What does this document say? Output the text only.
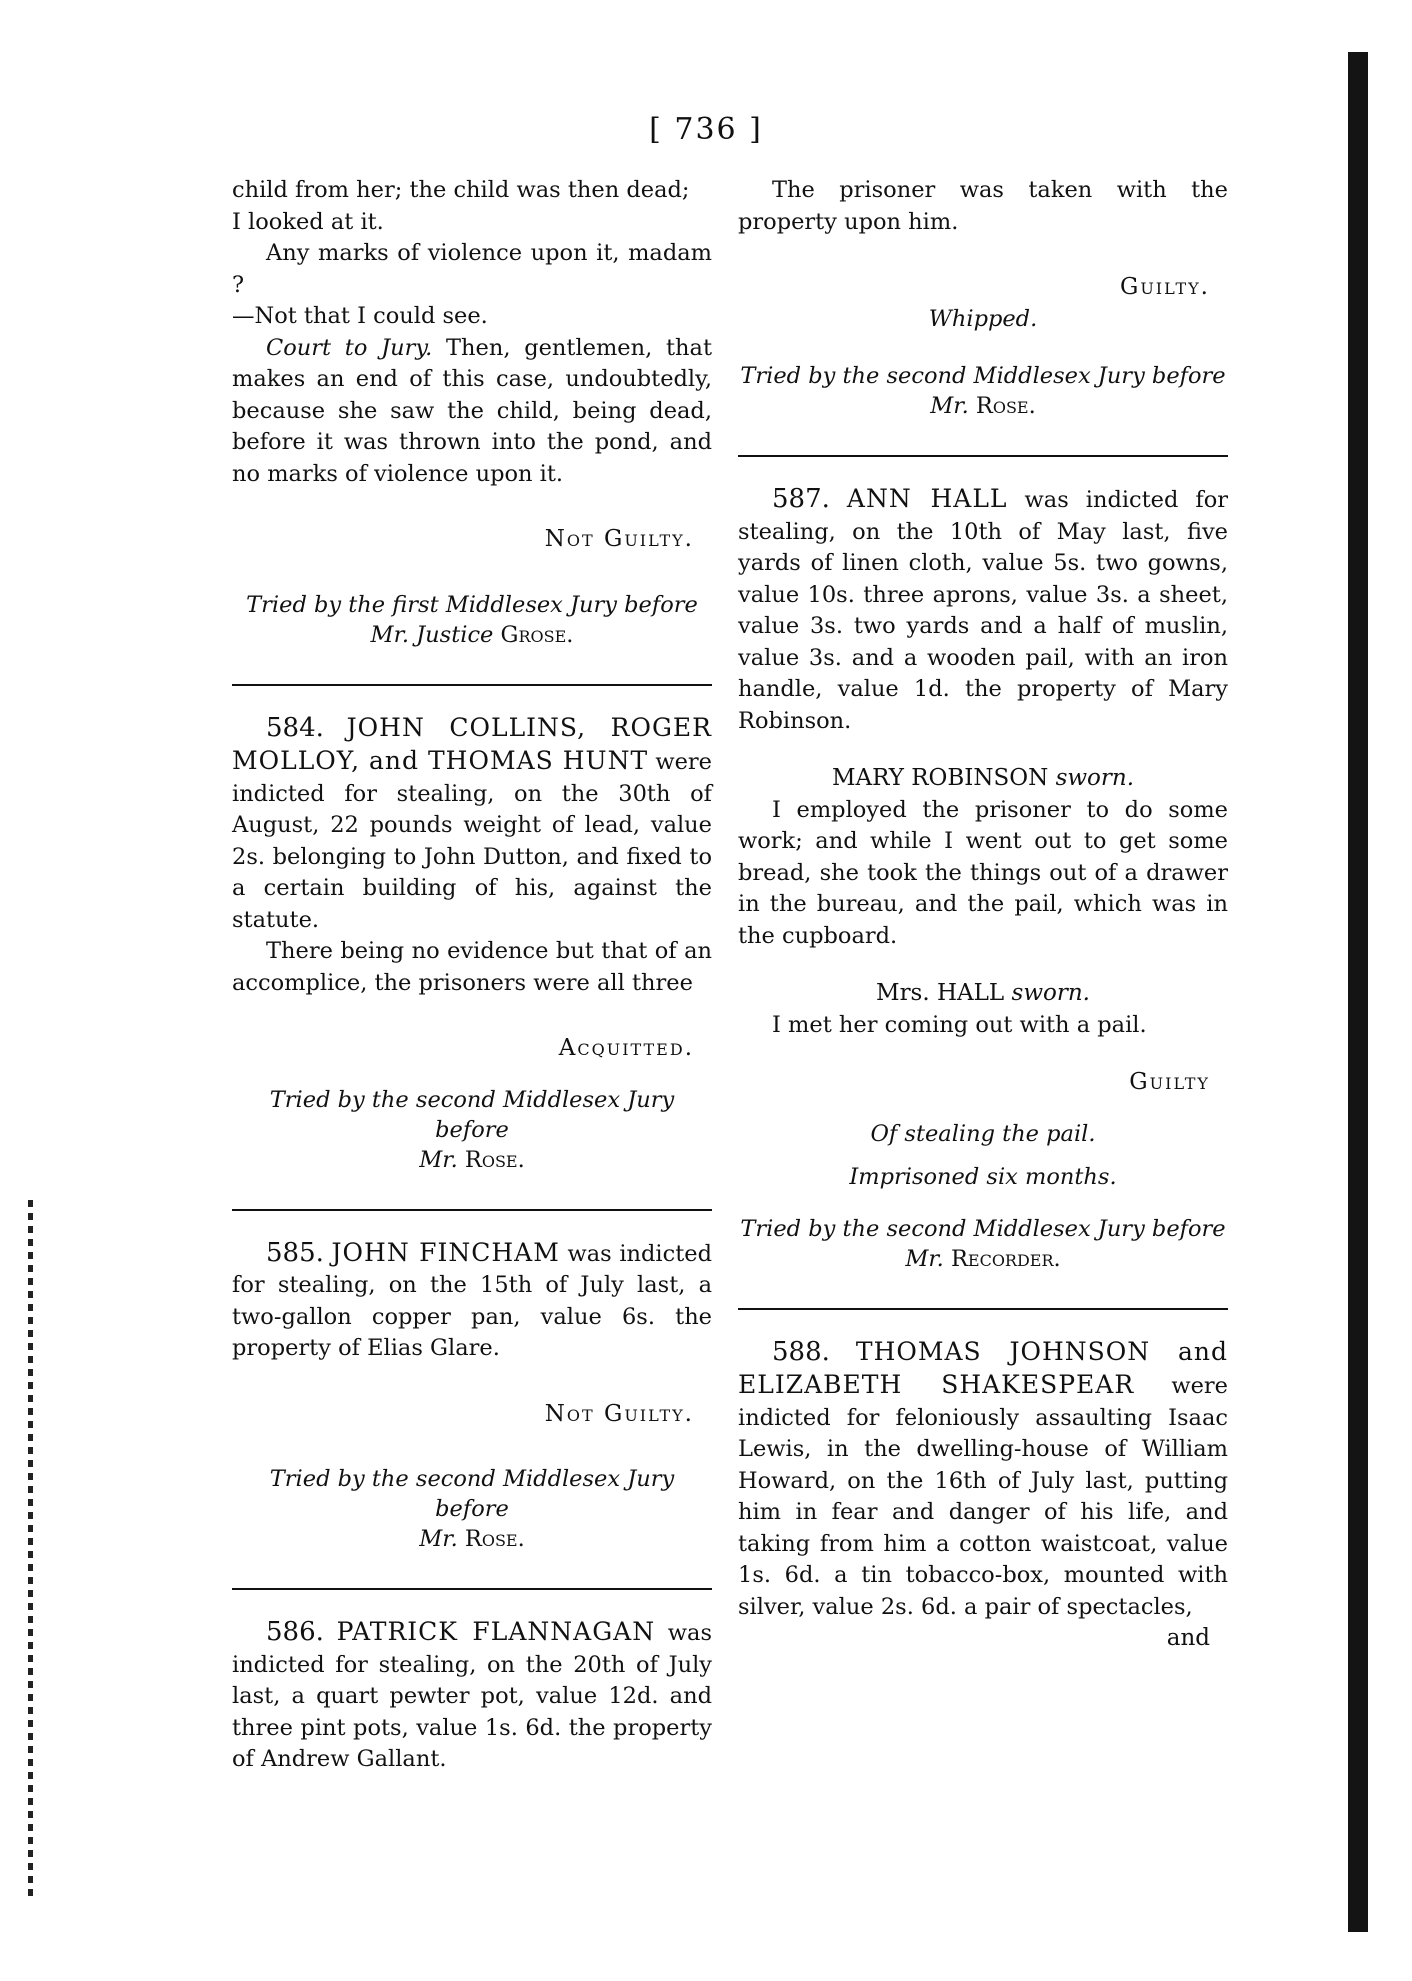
[ 736 ]

child from her; the child was then dead;
I looked at it.

Any marks of violence upon it, madam ?
—Not that I could see.

Court to Jury. Then, gentlemen, that makes an end of this case, undoubtedly, because she saw the child, being dead, before it was thrown into the pond, and no marks of violence upon it.

Not Guilty.

Tried by the first Middlesex Jury before
Mr. Justice Grose.

584. JOHN COLLINS, ROGER MOLLOY, and THOMAS HUNT were indicted for stealing, on the 30th of August, 22 pounds weight of lead, value 2s. belonging to John Dutton, and fixed to a certain building of his, against the statute.

There being no evidence but that of an accomplice, the prisoners were all three

Acquitted.

Tried by the second Middlesex Jury before
Mr. Rose.

585. JOHN FINCHAM was indicted for stealing, on the 15th of July last, a two-gallon copper pan, value 6s. the property of Elias Glare.

Not Guilty.

Tried by the second Middlesex Jury before
Mr. Rose.

586. PATRICK FLANNAGAN was indicted for stealing, on the 20th of July last, a quart pewter pot, value 12d. and three pint pots, value 1s. 6d. the property of Andrew Gallant.

The prisoner was taken with the property upon him.

Guilty.

Whipped.

Tried by the second Middlesex Jury before
Mr. Rose.

587. ANN HALL was indicted for stealing, on the 10th of May last, five yards of linen cloth, value 5s. two gowns, value 10s. three aprons, value 3s. a sheet, value 3s. two yards and a half of muslin, value 3s. and a wooden pail, with an iron handle, value 1d. the property of Mary Robinson.

MARY ROBINSON sworn.

I employed the prisoner to do some work; and while I went out to get some bread, she took the things out of a drawer in the bureau, and the pail, which was in the cupboard.

Mrs. HALL sworn.

I met her coming out with a pail.

Guilty

Of stealing the pail.

Imprisoned six months.

Tried by the second Middlesex Jury before
Mr. Recorder.

588. THOMAS JOHNSON and ELIZABETH SHAKESPEAR were indicted for feloniously assaulting Isaac Lewis, in the dwelling-house of William Howard, on the 16th of July last, putting him in fear and danger of his life, and taking from him a cotton waistcoat, value 1s. 6d. a tin tobacco-box, mounted with silver, value 2s. 6d. a pair of spectacles,

and
